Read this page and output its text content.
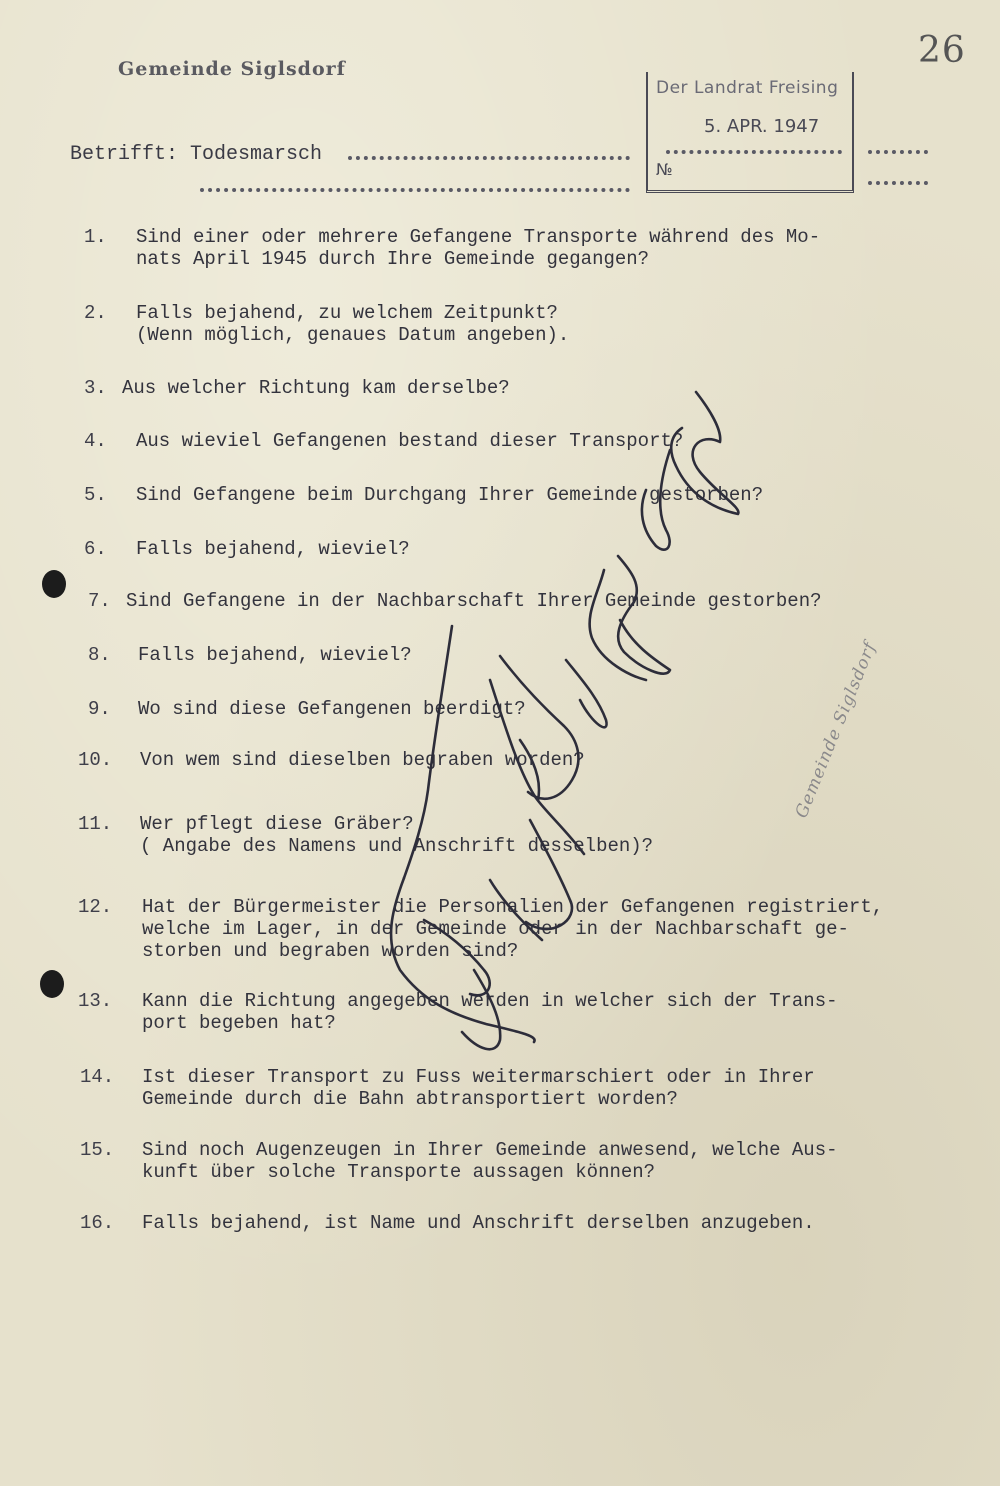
26
Gemeinde Siglsdorf
Betrifft: Todesmarsch
Der Landrat Freising
5. APR. 1947
№
1.	Sind einer oder mehrere Gefangene Transporte während des Mo-
nats April 1945 durch Ihre Gemeinde gegangen?
2.	Falls bejahend, zu welchem Zeitpunkt?
(Wenn möglich, genaues Datum angeben).
3. Aus welcher Richtung kam derselbe?
4.	Aus wieviel Gefangenen bestand dieser Transport?
5.	Sind Gefangene beim Durchgang Ihrer Gemeinde gestorben?
6.	Falls bejahend, wieviel?
7. Sind Gefangene in der Nachbarschaft Ihrer Gemeinde gestorben?
8.	Falls bejahend, wieviel?
9.	Wo sind diese Gefangenen beerdigt?
10.	Von wem sind dieselben begraben worden?
11.	Wer pflegt diese Gräber?
( Angabe des Namens und Anschrift desselben)?
12.	Hat der Bürgermeister die Personalien der Gefangenen registriert,
welche im Lager, in der Gemeinde oder in der Nachbarschaft ge-
storben und begraben worden sind?
13.	Kann die Richtung angegeben werden in welcher sich der Trans-
port begeben hat?
14.	Ist dieser Transport zu Fuss weitermarschiert oder in Ihrer
Gemeinde durch die Bahn abtransportiert worden?
15.	Sind noch Augenzeugen in Ihrer Gemeinde anwesend, welche Aus-
kunft über solche Transporte aussagen können?
16.	Falls bejahend, ist Name und Anschrift derselben anzugeben.
Gemeinde Siglsdorf
